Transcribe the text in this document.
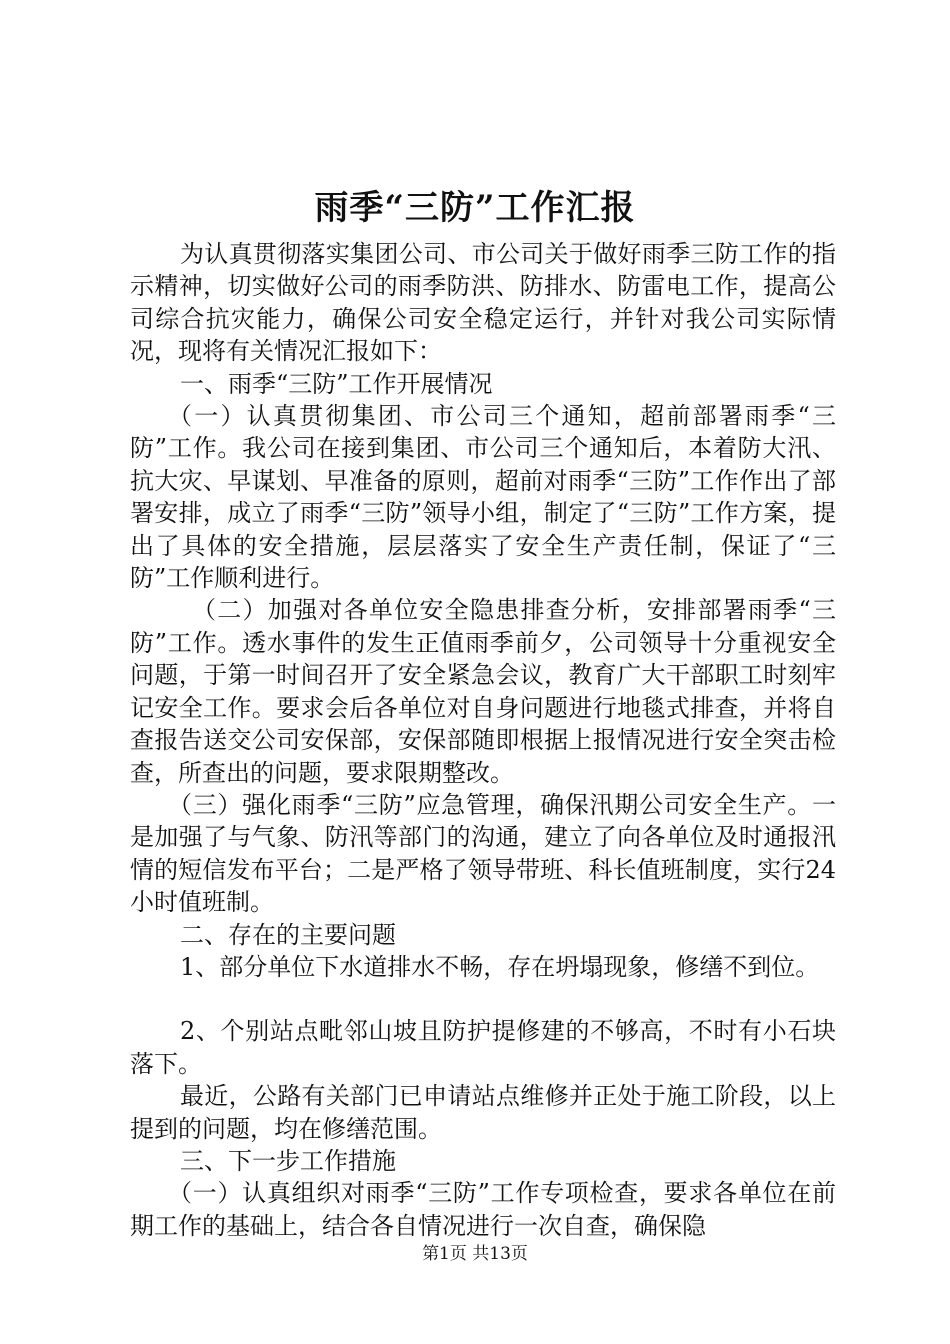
雨季“三防”工作汇报

为认真贯彻落实集团公司、市公司关于做好雨季三防工作的指示精神，切实做好公司的雨季防洪、防排水、防雷电工作，提高公司综合抗灾能力，确保公司安全稳定运行，并针对我公司实际情况，现将有关情况汇报如下：

一、雨季“三防”工作开展情况

（一）认真贯彻集团、市公司三个通知，超前部署雨季“三防”工作。我公司在接到集团、市公司三个通知后，本着防大汛、抗大灾、早谋划、早准备的原则，超前对雨季“三防”工作作出了部署安排，成立了雨季“三防”领导小组，制定了“三防”工作方案，提出了具体的安全措施，层层落实了安全生产责任制，保证了“三防”工作顺利进行。

（二）加强对各单位安全隐患排查分析，安排部署雨季“三防”工作。透水事件的发生正值雨季前夕，公司领导十分重视安全问题，于第一时间召开了安全紧急会议，教育广大干部职工时刻牢记安全工作。要求会后各单位对自身问题进行地毯式排查，并将自查报告送交公司安保部，安保部随即根据上报情况进行安全突击检查，所查出的问题，要求限期整改。

（三）强化雨季“三防”应急管理，确保汛期公司安全生产。一是加强了与气象、防汛等部门的沟通，建立了向各单位及时通报汛情的短信发布平台；二是严格了领导带班、科长值班制度，实行24小时值班制。

二、存在的主要问题

1、部分单位下水道排水不畅，存在坍塌现象，修缮不到位。

2、个别站点毗邻山坡且防护提修建的不够高，不时有小石块落下。

最近，公路有关部门已申请站点维修并正处于施工阶段，以上提到的问题，均在修缮范围。

三、下一步工作措施

（一）认真组织对雨季“三防”工作专项检查，要求各单位在前期工作的基础上，结合各自情况进行一次自查，确保隐

第1页 共13页
